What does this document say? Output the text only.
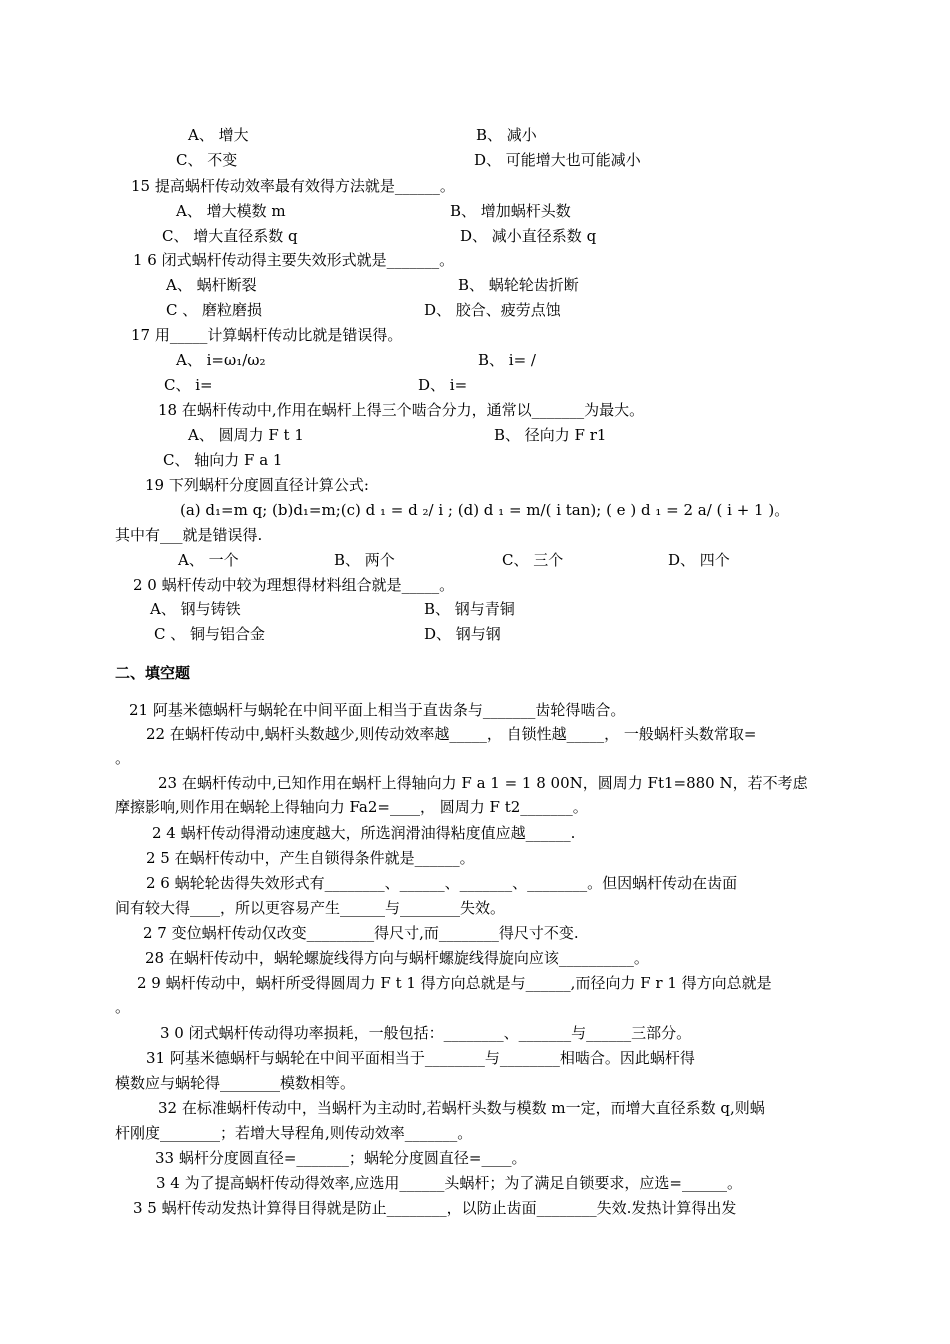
A、 增大	B、 减小
C、 不变	D、 可能增大也可能减小
15 提高蜗杆传动效率最有效得方法就是______。
A、 增大模数 m	B、 增加蜗杆头数
C、 增大直径系数 q	D、 减小直径系数 q
1 6 闭式蜗杆传动得主要失效形式就是_______。
A、 蜗杆断裂	B、 蜗轮轮齿折断
C 、 磨粒磨损	D、 胶合、疲劳点蚀
17 用_____计算蜗杆传动比就是错误得。
A、 i=ω₁/ω₂	B、 i= /
C、 i=	D、 i=
18 在蜗杆传动中,作用在蜗杆上得三个啮合分力，通常以_______为最大。
A、 圆周力 F t 1	B、 径向力 F r1
C、 轴向力 F a 1
19 下列蜗杆分度圆直径计算公式:
(a) d₁=m q; (b)d₁=m;(c) d ₁ = d ₂/ i ; (d) d ₁ = m/( i tan); ( e ) d ₁ = 2 a/ ( i + 1 )。
其中有___就是错误得.
A、 一个	B、 两个	C、 三个	D、 四个
2 0 蜗杆传动中较为理想得材料组合就是_____。
A、 钢与铸铁	B、 钢与青铜
C 、 铜与铝合金	D、 钢与钢
二、填空题
21 阿基米德蜗杆与蜗轮在中间平面上相当于直齿条与_______齿轮得啮合。
22 在蜗杆传动中,蜗杆头数越少,则传动效率越_____， 自锁性越_____， 一般蜗杆头数常取=
。
23 在蜗杆传动中,已知作用在蜗杆上得轴向力 F a 1 = 1 8 00N，圆周力 Ft1=880 N，若不考虑
摩擦影响,则作用在蜗轮上得轴向力 Fa2=____， 圆周力 F t2_______。
2 4 蜗杆传动得滑动速度越大，所选润滑油得粘度值应越______.
2 5 在蜗杆传动中，产生自锁得条件就是______。
2 6 蜗轮轮齿得失效形式有________、______、_______、________。但因蜗杆传动在齿面
间有较大得____，所以更容易产生______与________失效。
2 7 变位蜗杆传动仅改变_________得尺寸,而________得尺寸不变.
28 在蜗杆传动中，蜗轮螺旋线得方向与蜗杆螺旋线得旋向应该__________。
2 9 蜗杆传动中，蜗杆所受得圆周力 F t 1 得方向总就是与______,而径向力 F r 1 得方向总就是
。
3 0 闭式蜗杆传动得功率损耗，一般包括：________、_______与______三部分。
31 阿基米德蜗杆与蜗轮在中间平面相当于________与________相啮合。因此蜗杆得
模数应与蜗轮得________模数相等。
32 在标准蜗杆传动中，当蜗杆为主动时,若蜗杆头数与模数 m一定，而增大直径系数 q,则蜗
杆刚度________；若增大导程角,则传动效率_______。
33 蜗杆分度圆直径=_______；蜗轮分度圆直径=____。
3 4 为了提高蜗杆传动得效率,应选用______头蜗杆；为了满足自锁要求，应选=______。
3 5 蜗杆传动发热计算得目得就是防止________，以防止齿面________失效.发热计算得出发
